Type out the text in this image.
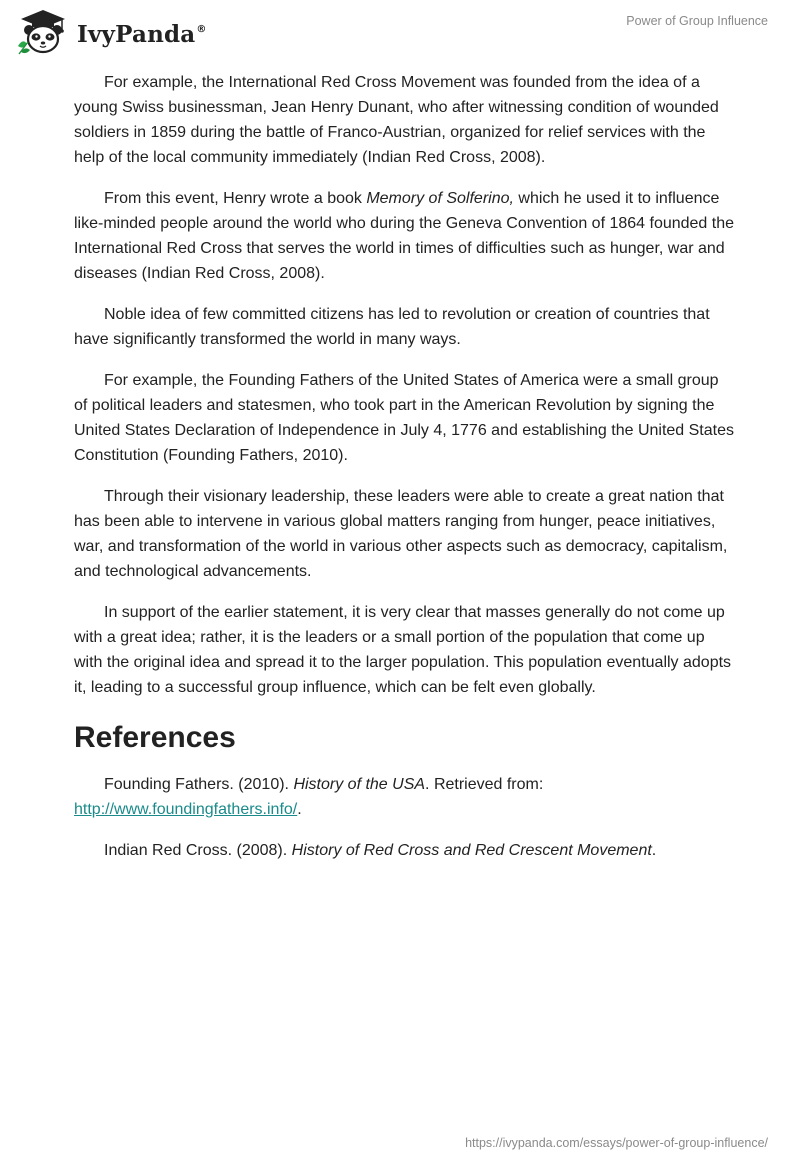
IvyPanda®
Power of Group Influence

For example, the International Red Cross Movement was founded from the idea of a young Swiss businessman, Jean Henry Dunant, who after witnessing condition of wounded soldiers in 1859 during the battle of Franco-Austrian, organized for relief services with the help of the local community immediately (Indian Red Cross, 2008).

From this event, Henry wrote a book Memory of Solferino, which he used it to influence like-minded people around the world who during the Geneva Convention of 1864 founded the International Red Cross that serves the world in times of difficulties such as hunger, war and diseases (Indian Red Cross, 2008).

Noble idea of few committed citizens has led to revolution or creation of countries that have significantly transformed the world in many ways.

For example, the Founding Fathers of the United States of America were a small group of political leaders and statesmen, who took part in the American Revolution by signing the United States Declaration of Independence in July 4, 1776 and establishing the United States Constitution (Founding Fathers, 2010).

Through their visionary leadership, these leaders were able to create a great nation that has been able to intervene in various global matters ranging from hunger, peace initiatives, war, and transformation of the world in various other aspects such as democracy, capitalism, and technological advancements.

In support of the earlier statement, it is very clear that masses generally do not come up with a great idea; rather, it is the leaders or a small portion of the population that come up with the original idea and spread it to the larger population. This population eventually adopts it, leading to a successful group influence, which can be felt even globally.

References

Founding Fathers. (2010). History of the USA. Retrieved from: http://www.foundingfathers.info/.

Indian Red Cross. (2008). History of Red Cross and Red Crescent Movement.

https://ivypanda.com/essays/power-of-group-influence/
